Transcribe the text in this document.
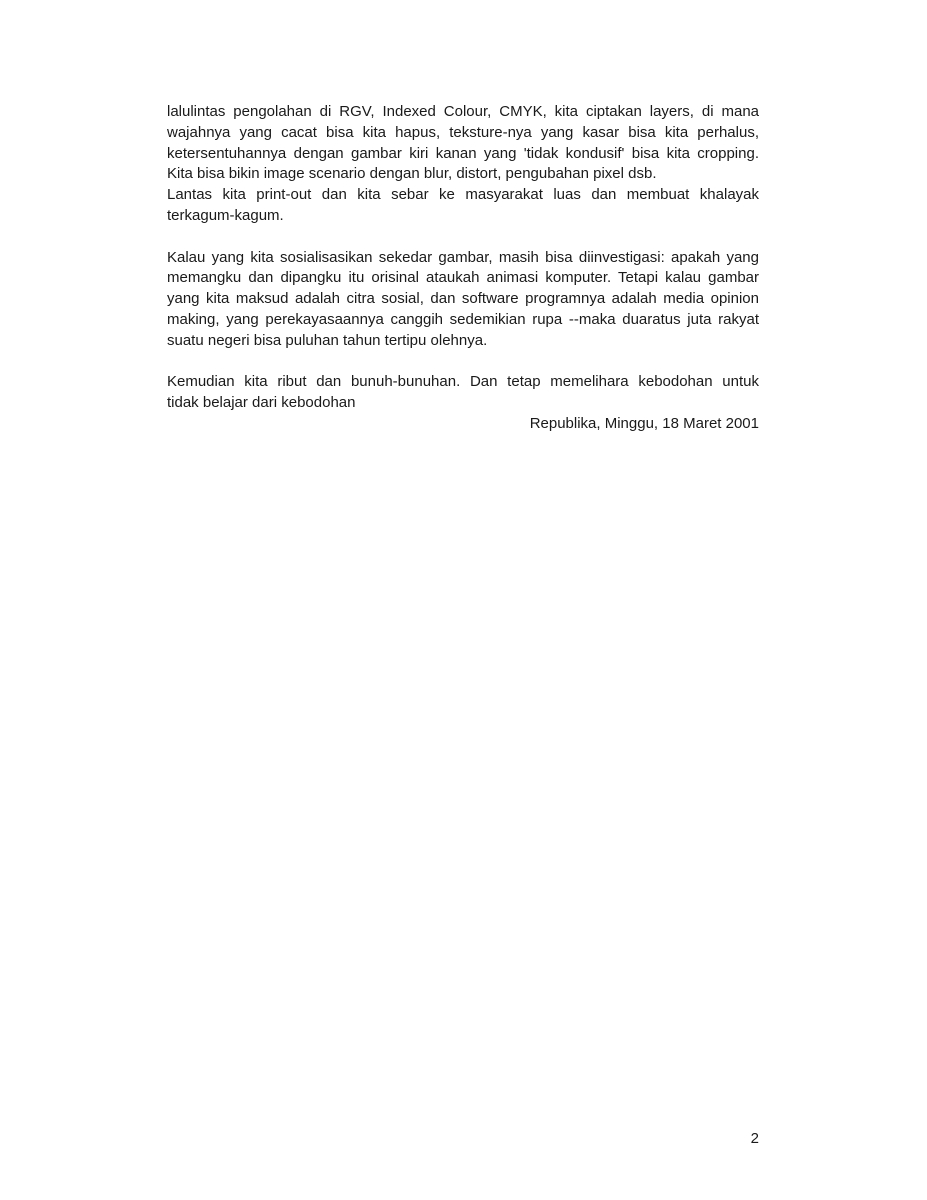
lalulintas pengolahan di RGV, Indexed Colour, CMYK, kita ciptakan layers, di mana
wajahnya yang cacat bisa kita hapus, teksture-nya yang kasar bisa kita perhalus,
ketersentuhannya dengan gambar kiri kanan yang 'tidak kondusif' bisa kita cropping.
Kita bisa bikin image scenario dengan blur, distort, pengubahan pixel dsb.

Lantas kita print-out dan kita sebar ke masyarakat luas dan membuat khalayak
terkagum-kagum.

Kalau yang kita sosialisasikan sekedar gambar, masih bisa diinvestigasi: apakah yang
memangku dan dipangku itu orisinal ataukah animasi komputer. Tetapi kalau gambar
yang kita maksud adalah citra sosial, dan software programnya adalah media opinion
making, yang perekayasaannya canggih sedemikian rupa --maka duaratus juta rakyat
suatu negeri bisa puluhan tahun tertipu olehnya.

Kemudian kita ribut dan bunuh-bunuhan. Dan tetap memelihara kebodohan untuk
tidak belajar dari kebodohan

Republika, Minggu, 18 Maret 2001

2
